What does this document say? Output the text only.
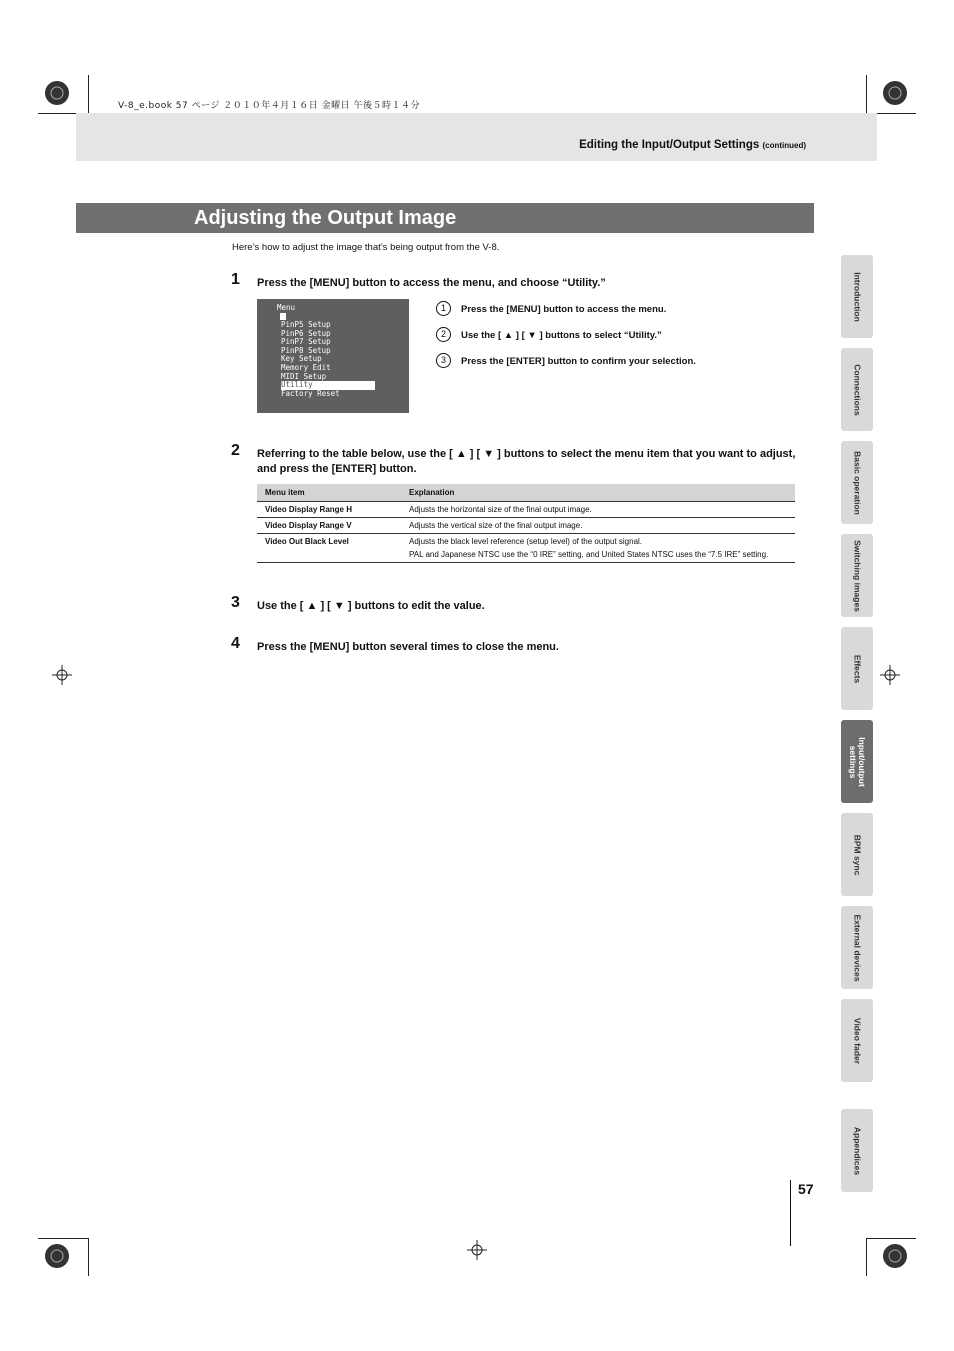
V-8_e.book 57 ページ ２０１０年４月１６日 金曜日 午後５時１４分
Editing the Input/Output Settings (continued)
Adjusting the Output Image
Here’s how to adjust the image that’s being output from the V-8.
1 Press the [MENU] button to access the menu, and choose “Utility.”
Menu
PinP5 Setup
PinP6 Setup
PinP7 Setup
PinP8 Setup
Key Setup
Memory Edit
MIDI Setup
Utility
Factory Reset
1	Press the [MENU] button to access the menu.
2	Use the [ ▲ ] [ ▼ ] buttons to select “Utility.”
3	Press the [ENTER] button to confirm your selection.
2 Referring to the table below, use the [ ▲ ] [ ▼ ] buttons to select the menu item that you want to adjust, and press the [ENTER] button.
Menu item	Explanation
Video Display Range H	Adjusts the horizontal size of the final output image.

Video Display Range V	Adjusts the vertical size of the final output image.

Video Out Black Level	Adjusts the black level reference (setup level) of the output signal.

PAL and Japanese NTSC use the “0 IRE” setting, and United States NTSC uses the “7.5 IRE” setting.

3 Use the [ ▲ ] [ ▼ ] buttons to edit the value.
4 Press the [MENU] button several times to close the menu.
Introduction
Connections
Basic operation
Switching images
Effects
Input/output settings
BPM sync
External devices
Video fader
Appendices
57
